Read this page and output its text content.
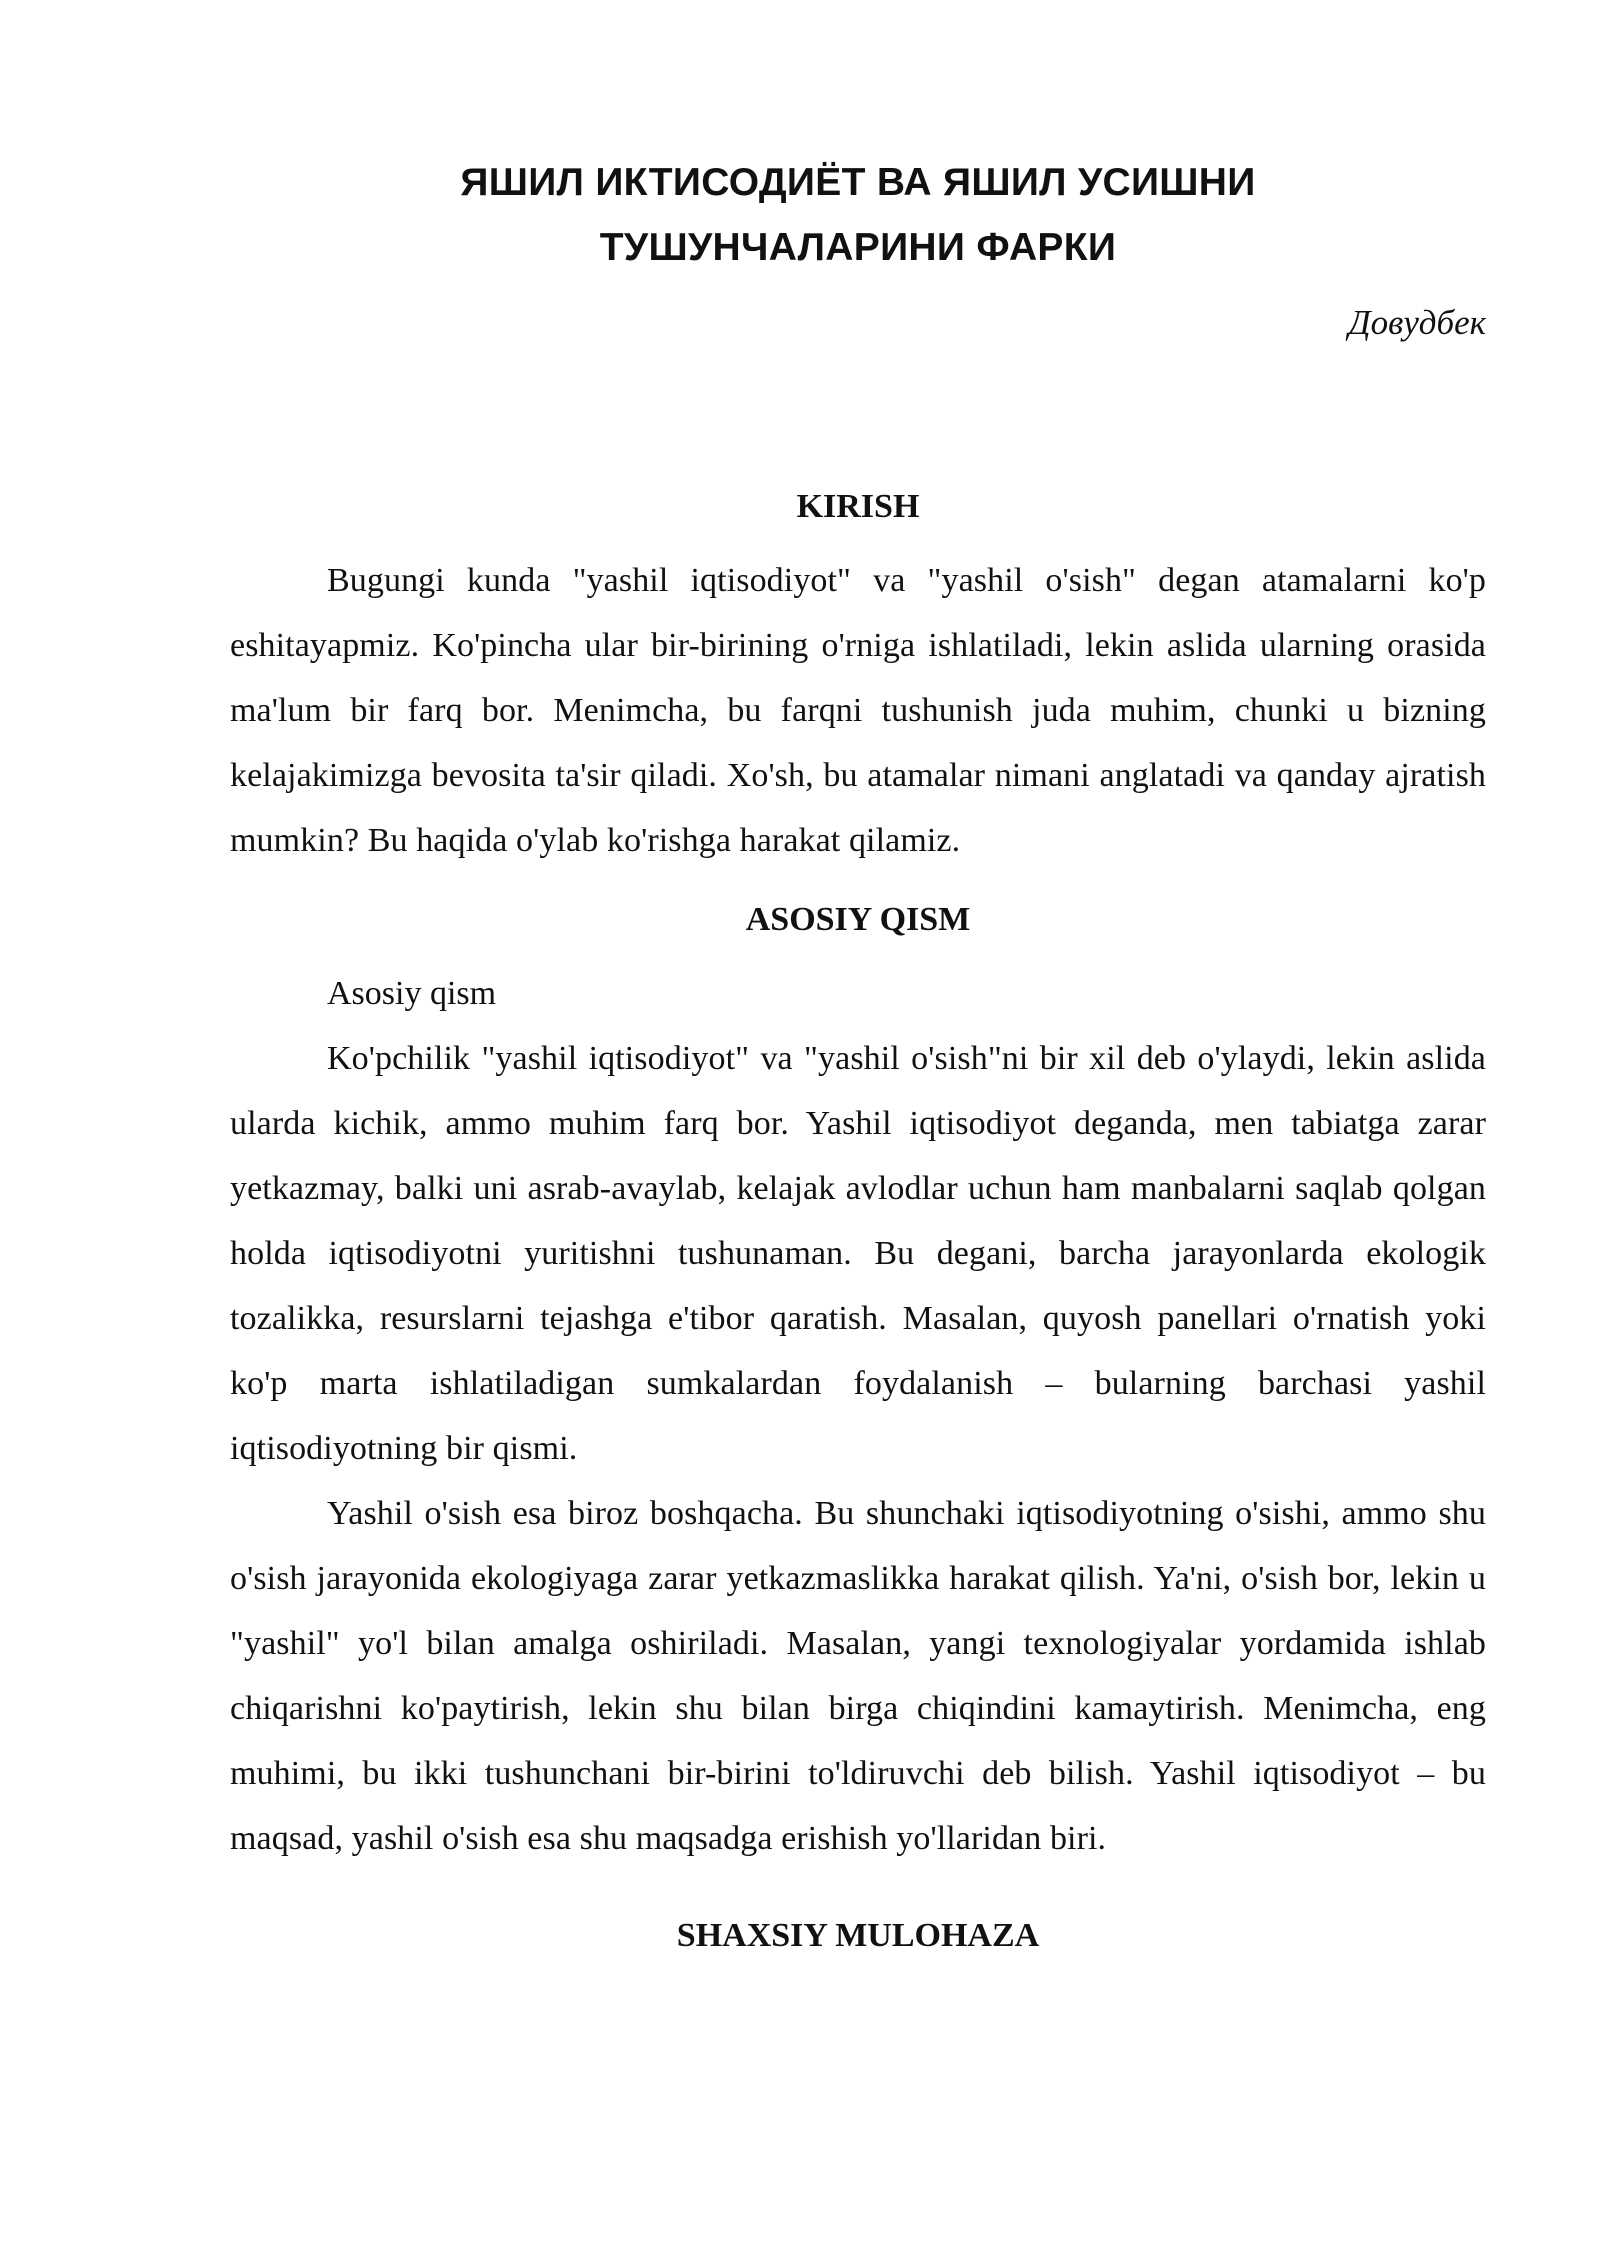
ЯШИЛ ИКТИСОДИЁТ ВА ЯШИЛ УСИШНИ
ТУШУНЧАЛАРИНИ ФАРКИ
Довудбек
KIRISH

Bugungi kunda "yashil iqtisodiyot" va "yashil o'sish" degan atamalarni ko'p eshitayapmiz. Ko'pincha ular bir-birining o'rniga ishlatiladi, lekin aslida ularning orasida ma'lum bir farq bor. Menimcha, bu farqni tushunish juda muhim, chunki u bizning kelajakimizga bevosita ta'sir qiladi. Xo'sh, bu atamalar nimani anglatadi va qanday ajratish mumkin? Bu haqida o'ylab ko'rishga harakat qilamiz.

ASOSIY QISM

Asosiy qism

Ko'pchilik "yashil iqtisodiyot" va "yashil o'sish"ni bir xil deb o'ylaydi, lekin aslida ularda kichik, ammo muhim farq bor. Yashil iqtisodiyot deganda, men tabiatga zarar yetkazmay, balki uni asrab-avaylab, kelajak avlodlar uchun ham manbalarni saqlab qolgan holda iqtisodiyotni yuritishni tushunaman. Bu degani, barcha jarayonlarda ekologik tozalikka, resurslarni tejashga e'tibor qaratish. Masalan, quyosh panellari o'rnatish yoki ko'p marta ishlatiladigan sumkalardan foydalanish – bularning barchasi yashil iqtisodiyotning bir qismi.

Yashil o'sish esa biroz boshqacha. Bu shunchaki iqtisodiyotning o'sishi, ammo shu o'sish jarayonida ekologiyaga zarar yetkazmaslikka harakat qilish. Ya'ni, o'sish bor, lekin u "yashil" yo'l bilan amalga oshiriladi. Masalan, yangi texnologiyalar yordamida ishlab chiqarishni ko'paytirish, lekin shu bilan birga chiqindini kamaytirish. Menimcha, eng muhimi, bu ikki tushunchani bir-birini to'ldiruvchi deb bilish. Yashil iqtisodiyot – bu maqsad, yashil o'sish esa shu maqsadga erishish yo'llaridan biri.

SHAXSIY MULOHAZA
